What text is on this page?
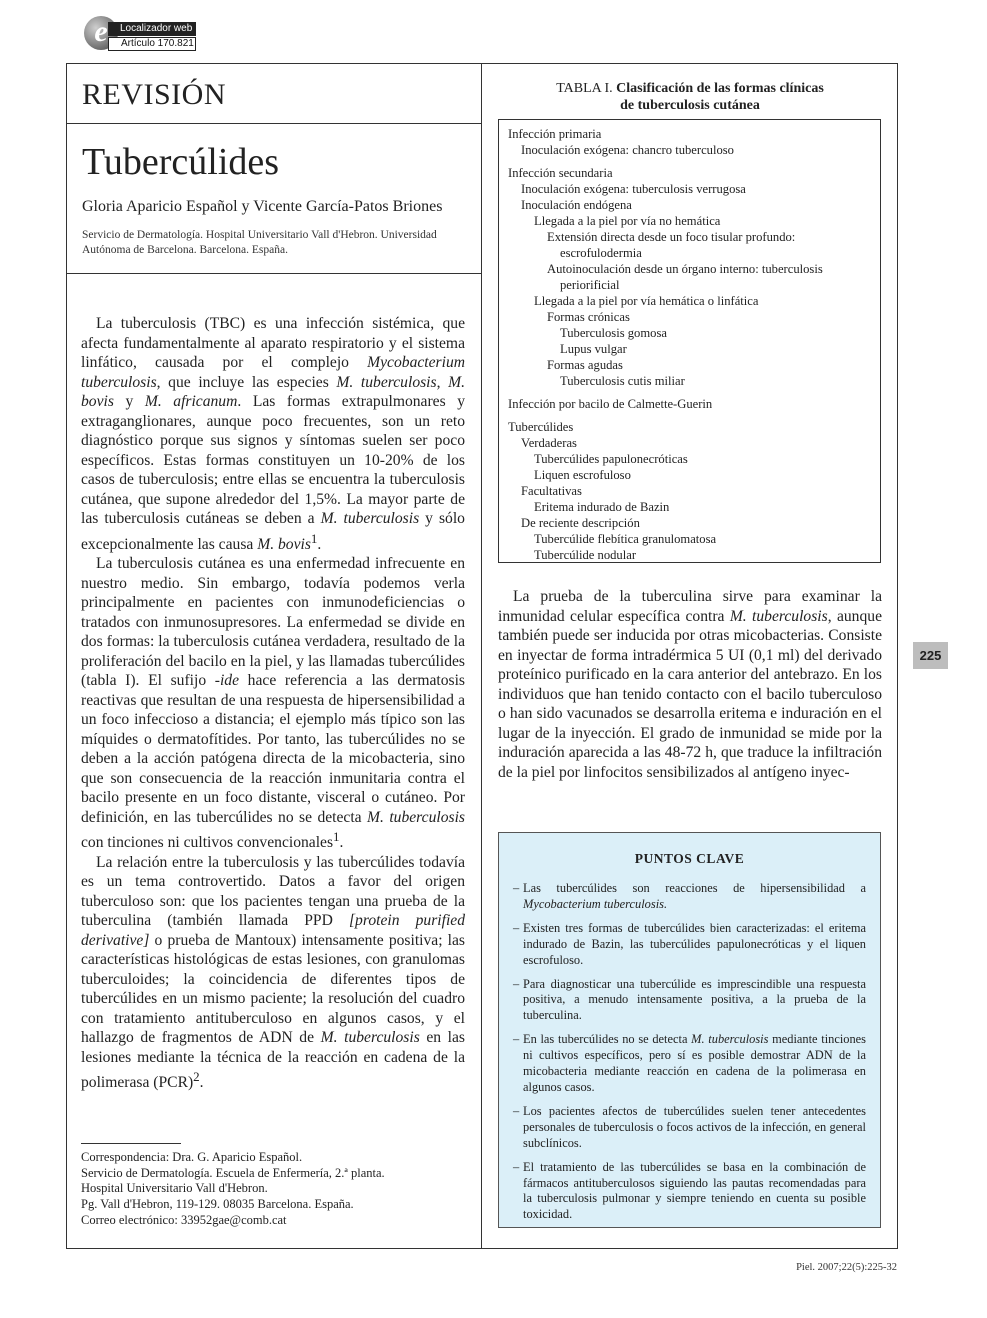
e	Localizador web
Artículo 170.821
REVISIÓN
Tubercúlides
Gloria Aparicio Español y Vicente García-Patos Briones
Servicio de Dermatología. Hospital Universitario Vall d'Hebron. Universidad Autónoma de Barcelona. Barcelona. España.

La tuberculosis (TBC) es una infección sistémica, que afecta fundamentalmente al aparato respiratorio y el sistema linfático, causada por el complejo Mycobacterium tuberculosis, que incluye las especies M. tuberculosis, M. bovis y M. africanum. Las formas extrapulmonares y extraganglionares, aunque poco frecuentes, son un reto diagnóstico porque sus signos y síntomas suelen ser poco específicos. Estas formas constituyen un 10-20% de los casos de tuberculosis; entre ellas se encuentra la tuberculosis cutánea, que supone alrededor del 1,5%. La mayor parte de las tuberculosis cutáneas se deben a M. tuberculosis y sólo excepcionalmente las causa M. bovis$^1$.

La tuberculosis cutánea es una enfermedad infrecuente en nuestro medio. Sin embargo, todavía podemos verla principalmente en pacientes con inmunodeficiencias o tratados con inmunosupresores. La enfermedad se divide en dos formas: la tuberculosis cutánea verdadera, resultado de la proliferación del bacilo en la piel, y las llamadas tubercúlides (tabla I). El sufijo -ide hace referencia a las dermatosis reactivas que resultan de una respuesta de hipersensibilidad a un foco infeccioso a distancia; el ejemplo más típico son las míquides o dermatofítides. Por tanto, las tubercúlides no se deben a la acción patógena directa de la micobacteria, sino que son consecuencia de la reacción inmunitaria contra el bacilo presente en un foco distante, visceral o cutáneo. Por definición, en las tubercúlides no se detecta M. tuberculosis con tinciones ni cultivos convencionales$^1$.

La relación entre la tuberculosis y las tubercúlides todavía es un tema controvertido. Datos a favor del origen tuberculoso son: que los pacientes tengan una prueba de la tuberculina (también llamada PPD [protein purified derivative] o prueba de Mantoux) intensamente positiva; las características histológicas de estas lesiones, con granulomas tuberculoides; la coincidencia de diferentes tipos de tubercúlides en un mismo paciente; la resolución del cuadro con tratamiento antituberculoso en algunos casos, y el hallazgo de fragmentos de ADN de M. tuberculosis en las lesiones mediante la técnica de la reacción en cadena de la polimerasa (PCR)$^2$.

Correspondencia: Dra. G. Aparicio Español.
Servicio de Dermatología. Escuela de Enfermería, 2.ª planta.
Hospital Universitario Vall d'Hebron.
Pg. Vall d'Hebron, 119-129. 08035 Barcelona. España.
Correo electrónico: 33952gae@comb.cat
TABLA I. Clasificación de las formas clínicas
de tuberculosis cutánea
Infección primaria
Inoculación exógena: chancro tuberculoso
Infección secundaria
Inoculación exógena: tuberculosis verrugosa
Inoculación endógena
Llegada a la piel por vía no hemática
Extensión directa desde un foco tisular profundo:
escrofulodermia
Autoinoculación desde un órgano interno: tuberculosis
periorificial
Llegada a la piel por vía hemática o linfática
Formas crónicas
Tuberculosis gomosa
Lupus vulgar
Formas agudas
Tuberculosis cutis miliar
Infección por bacilo de Calmette-Guerin
Tubercúlides
Verdaderas
Tubercúlides papulonecróticas
Liquen escrofuloso
Facultativas
Eritema indurado de Bazin
De reciente descripción
Tubercúlide flebítica granulomatosa
Tubercúlide nodular

La prueba de la tuberculina sirve para examinar la inmunidad celular específica contra M. tuberculosis, aunque también puede ser inducida por otras micobacterias. Consiste en inyectar de forma intradérmica 5 UI (0,1 ml) del derivado proteínico purificado en la cara anterior del antebrazo. En los individuos que han tenido contacto con el bacilo tuberculoso o han sido vacunados se desarrolla eritema e induración en el lugar de la inyección. El grado de inmunidad se mide por la induración aparecida a las 48-72 h, que traduce la infiltración de la piel por linfocitos sensibilizados al antígeno inyec-

PUNTOS CLAVE
– Las tubercúlides son reacciones de hipersensibilidad a Mycobacterium tuberculosis.
– Existen tres formas de tubercúlides bien caracterizadas: el eritema indurado de Bazin, las tubercúlides papulonecróticas y el liquen escrofuloso.
– Para diagnosticar una tubercúlide es imprescindible una respuesta positiva, a menudo intensamente positiva, a la prueba de la tuberculina.
– En las tubercúlides no se detecta M. tuberculosis mediante tinciones ni cultivos específicos, pero sí es posible demostrar ADN de la micobacteria mediante reacción en cadena de la polimerasa en algunos casos.
– Los pacientes afectos de tubercúlides suelen tener antecedentes personales de tuberculosis o focos activos de la infección, en general subclínicos.
– El tratamiento de las tubercúlides se basa en la combinación de fármacos antituberculosos siguiendo las pautas recomendadas para la tuberculosis pulmonar y siempre teniendo en cuenta su posible toxicidad.
225
Piel. 2007;22(5):225-32
